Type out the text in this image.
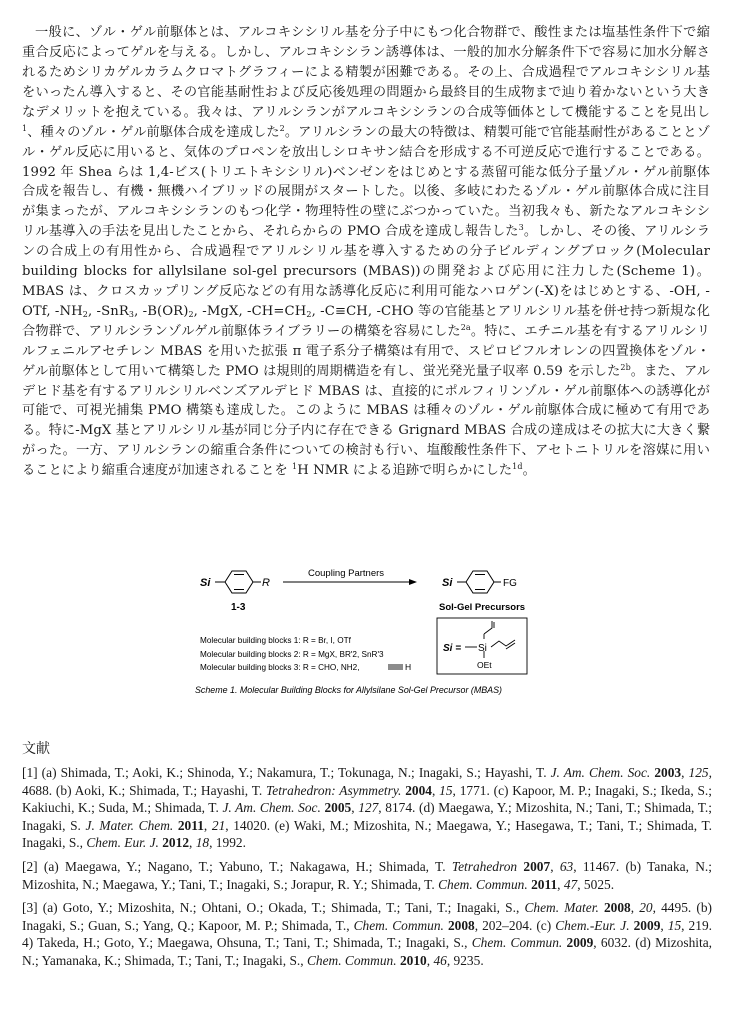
一般に、ゾル・ゲル前駆体とは、アルコキシシリル基を分子中にもつ化合物群で、酸性または塩基性条件下で縮重合反応によってゲルを与える。しかし、アルコキシシラン誘導体は、一般的加水分解条件下で容易に加水分解されるためシリカゲルカラムクロマトグラフィーによる精製が困難である。その上、合成過程でアルコキシシリル基をいったん導入すると、その官能基耐性および反応後処理の問題から最終目的生成物まで辿り着かないという大きなデメリットを抱えている。我々は、アリルシランがアルコキシシランの合成等価体として機能することを見出し$^1$、種々のゾル・ゲル前駆体合成を達成した$^2$。アリルシランの最大の特徴は、精製可能で官能基耐性があることとゾル・ゲル反応に用いると、気体のプロペンを放出しシロキサン結合を形成する不可逆反応で進行することである。1992 年 Shea らは 1,4-ビス(トリエトキシシリル)ベンゼンをはじめとする蒸留可能な低分子量ゾル・ゲル前駆体合成を報告し、有機・無機ハイブリッドの展開がスタートした。以後、多岐にわたるゾル・ゲル前駆体合成に注目が集まったが、アルコキシシランのもつ化学・物理特性の壁にぶつかっていた。当初我々も、新たなアルコキシシリル基導入の手法を見出したことから、それらからの PMO 合成を達成し報告した$^3$。しかし、その後、アリルシランの合成上の有用性から、合成過程でアリルシリル基を導入するための分子ビルディングブロック(Molecular building blocks for allylsilane sol-gel precursors (MBAS))の開発および応用に注力した(Scheme 1)。MBAS は、クロスカップリング反応などの有用な誘導化反応に利用可能なハロゲン(-X)をはじめとする、-OH, -OTf, $-NH_2$, -SnR$_3$, $-B(OR)_2$, -MgX, $-CH=CH_2$, -C≡CH, -CHO 等の官能基とアリルシリル基を併せ持つ新規な化合物群で、アリルシランゾルゲル前駆体ライブラリーの構築を容易にした$^{2a}$。特に、エチニル基を有するアリルシリルフェニルアセチレン MBAS を用いた拡張 π 電子系分子構築は有用で、スピロビフルオレンの四置換体をゾル・ゲル前駆体として用いて構築した PMO は規則的周期構造を有し、蛍光発光量子収率 0.59 を示した$^{2b}$。また、アルデヒド基を有するアリルシリルベンズアルデヒド MBAS は、直接的にポルフィリンゾル・ゲル前駆体への誘導化が可能で、可視光捕集 PMO 構築も達成した。このように MBAS は種々のゾル・ゲル前駆体合成に極めて有用である。特に-MgX 基とアリルシリル基が同じ分子内に存在できる Grignard MBAS 合成の達成はその拡大に大きく繋がった。一方、アリルシランの縮重合条件についての検討も行い、塩酸酸性条件下、アセトニトリルを溶媒に用いることにより縮重合速度が加速されることを $^1$H NMR による追跡で明らかにした$^{1d}$。

Si	R
1-3
Coupling Partners
Si	FG
Sol-Gel Precursors
Molecular building blocks 1: R = Br, I, OTf
Molecular building blocks 2: R = MgX, BR'2, SnR'3
Molecular building blocks 3: R = CHO, NH2,	H
Si = Si
OEt
Scheme 1. Molecular Building Blocks for Allylsilane Sol-Gel Precursor (MBAS)
文献

[1] (a) Shimada, T.; Aoki, K.; Shinoda, Y.; Nakamura, T.; Tokunaga, N.; Inagaki, S.; Hayashi, T. J. Am. Chem. Soc. 2003, 125, 4688. (b) Aoki, K.; Shimada, T.; Hayashi, T. Tetrahedron: Asymmetry. 2004, 15, 1771. (c) Kapoor, M. P.; Inagaki, S.; Ikeda, S.; Kakiuchi, K.; Suda, M.; Shimada, T. J. Am. Chem. Soc. 2005, 127, 8174. (d) Maegawa, Y.; Mizoshita, N.; Tani, T.; Shimada, T.; Inagaki, S. J. Mater. Chem. 2011, 21, 14020. (e) Waki, M.; Mizoshita, N.; Maegawa, Y.; Hasegawa, T.; Tani, T.; Shimada, T. Inagaki, S., Chem. Eur. J. 2012, 18, 1992.

[2] (a) Maegawa, Y.; Nagano, T.; Yabuno, T.; Nakagawa, H.; Shimada, T. Tetrahedron 2007, 63, 11467. (b) Tanaka, N.; Mizoshita, N.; Maegawa, Y.; Tani, T.; Inagaki, S.; Jorapur, R. Y.; Shimada, T. Chem. Commun. 2011, 47, 5025.

[3] (a) Goto, Y.; Mizoshita, N.; Ohtani, O.; Okada, T.; Shimada, T.; Tani, T.; Inagaki, S., Chem. Mater. 2008, 20, 4495. (b) Inagaki, S.; Guan, S.; Yang, Q.; Kapoor, M. P.; Shimada, T., Chem. Commun. 2008, 202–204. (c) Chem.-Eur. J. 2009, 15, 219. 4) Takeda, H.; Goto, Y.; Maegawa, Ohsuna, T.; Tani, T.; Shimada, T.; Inagaki, S., Chem. Commun. 2009, 6032. (d) Mizoshita, N.; Yamanaka, K.; Shimada, T.; Tani, T.; Inagaki, S., Chem. Commun. 2010, 46, 9235.
